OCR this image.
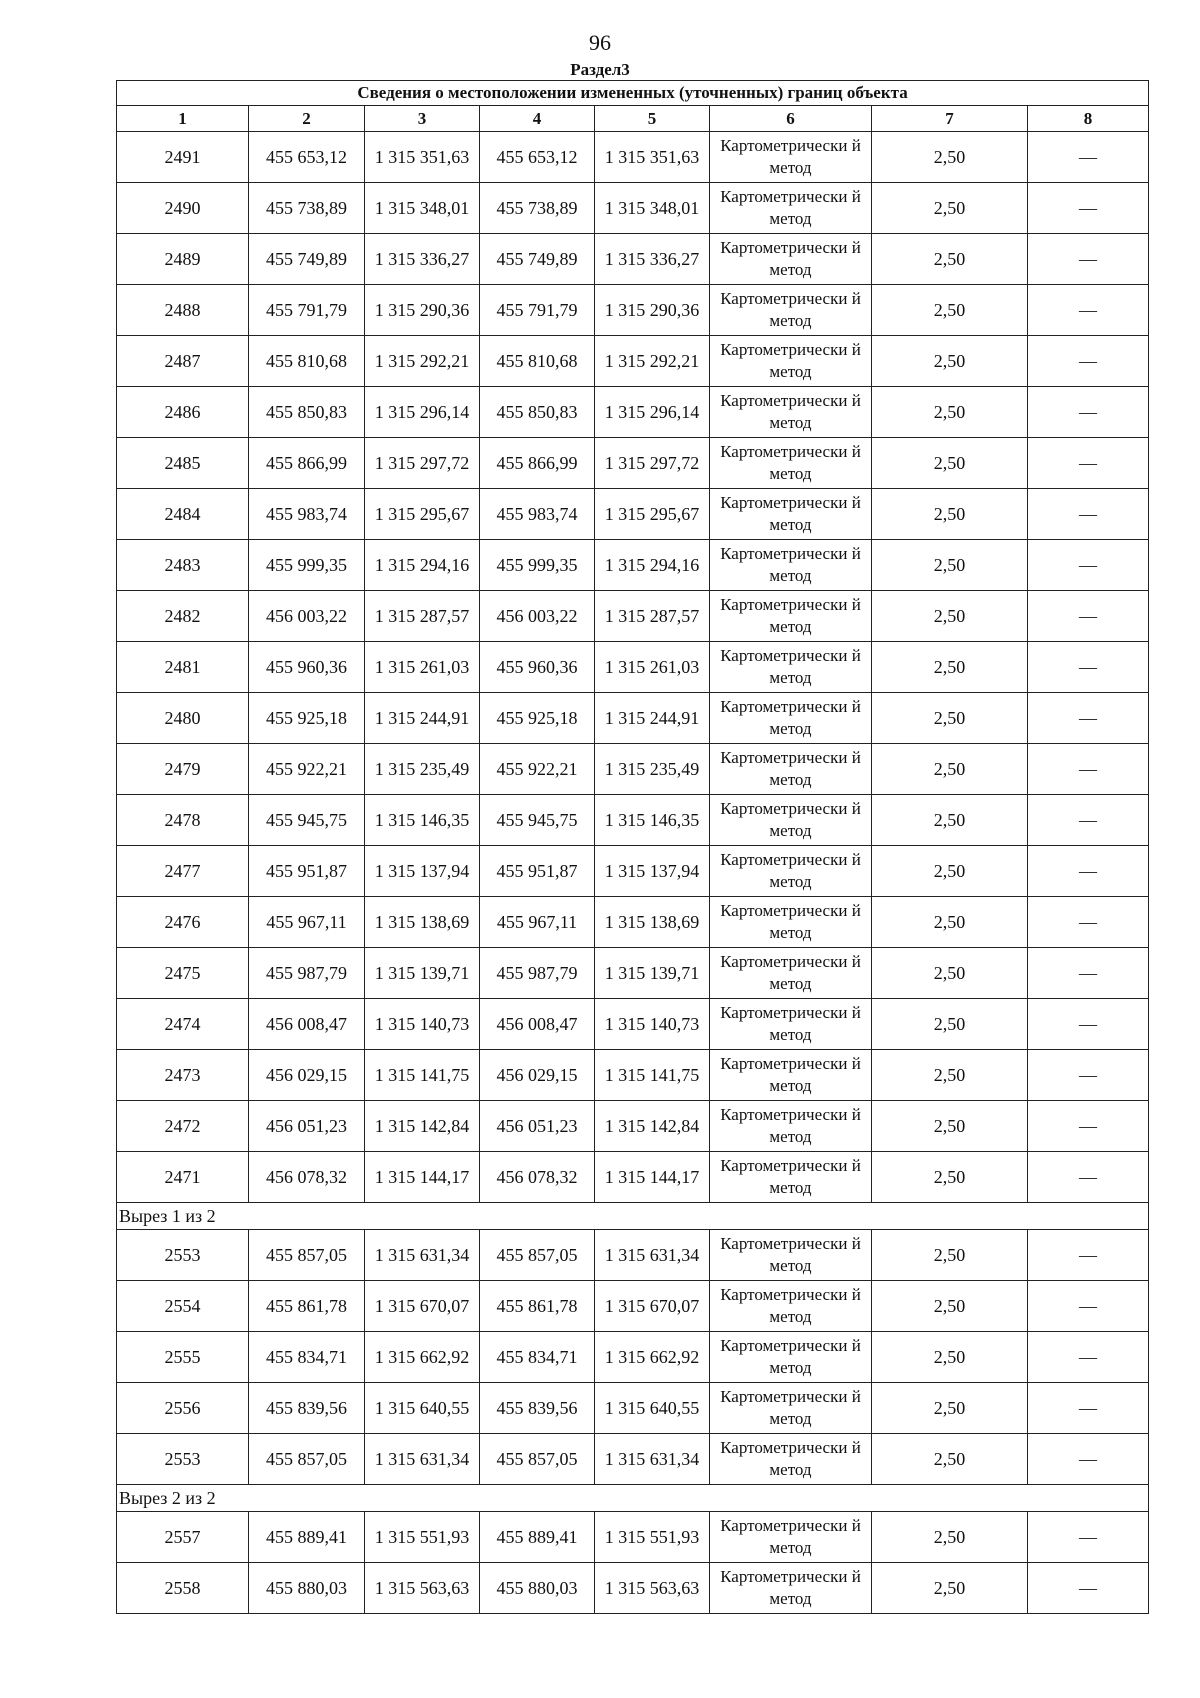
96
Раздел3
Сведения о местоположении измененных (уточненных) границ объекта							
1	2	3	4	5	6	7	8
2491	455 653,12	1 315 351,63	455 653,12	1 315 351,63	Картометрически й метод	2,50	—
2490	455 738,89	1 315 348,01	455 738,89	1 315 348,01	Картометрически й метод	2,50	—
2489	455 749,89	1 315 336,27	455 749,89	1 315 336,27	Картометрически й метод	2,50	—
2488	455 791,79	1 315 290,36	455 791,79	1 315 290,36	Картометрически й метод	2,50	—
2487	455 810,68	1 315 292,21	455 810,68	1 315 292,21	Картометрически й метод	2,50	—
2486	455 850,83	1 315 296,14	455 850,83	1 315 296,14	Картометрически й метод	2,50	—
2485	455 866,99	1 315 297,72	455 866,99	1 315 297,72	Картометрически й метод	2,50	—
2484	455 983,74	1 315 295,67	455 983,74	1 315 295,67	Картометрически й метод	2,50	—
2483	455 999,35	1 315 294,16	455 999,35	1 315 294,16	Картометрически й метод	2,50	—
2482	456 003,22	1 315 287,57	456 003,22	1 315 287,57	Картометрически й метод	2,50	—
2481	455 960,36	1 315 261,03	455 960,36	1 315 261,03	Картометрически й метод	2,50	—
2480	455 925,18	1 315 244,91	455 925,18	1 315 244,91	Картометрически й метод	2,50	—
2479	455 922,21	1 315 235,49	455 922,21	1 315 235,49	Картометрически й метод	2,50	—
2478	455 945,75	1 315 146,35	455 945,75	1 315 146,35	Картометрически й метод	2,50	—
2477	455 951,87	1 315 137,94	455 951,87	1 315 137,94	Картометрически й метод	2,50	—
2476	455 967,11	1 315 138,69	455 967,11	1 315 138,69	Картометрически й метод	2,50	—
2475	455 987,79	1 315 139,71	455 987,79	1 315 139,71	Картометрически й метод	2,50	—
2474	456 008,47	1 315 140,73	456 008,47	1 315 140,73	Картометрически й метод	2,50	—
2473	456 029,15	1 315 141,75	456 029,15	1 315 141,75	Картометрически й метод	2,50	—
2472	456 051,23	1 315 142,84	456 051,23	1 315 142,84	Картометрически й метод	2,50	—
2471	456 078,32	1 315 144,17	456 078,32	1 315 144,17	Картометрически й метод	2,50	—
Вырез 1 из 2							
2553	455 857,05	1 315 631,34	455 857,05	1 315 631,34	Картометрически й метод	2,50	—
2554	455 861,78	1 315 670,07	455 861,78	1 315 670,07	Картометрически й метод	2,50	—
2555	455 834,71	1 315 662,92	455 834,71	1 315 662,92	Картометрически й метод	2,50	—
2556	455 839,56	1 315 640,55	455 839,56	1 315 640,55	Картометрически й метод	2,50	—
2553	455 857,05	1 315 631,34	455 857,05	1 315 631,34	Картометрически й метод	2,50	—
Вырез 2 из 2							
2557	455 889,41	1 315 551,93	455 889,41	1 315 551,93	Картометрически й метод	2,50	—
2558	455 880,03	1 315 563,63	455 880,03	1 315 563,63	Картометрически й метод	2,50	—
